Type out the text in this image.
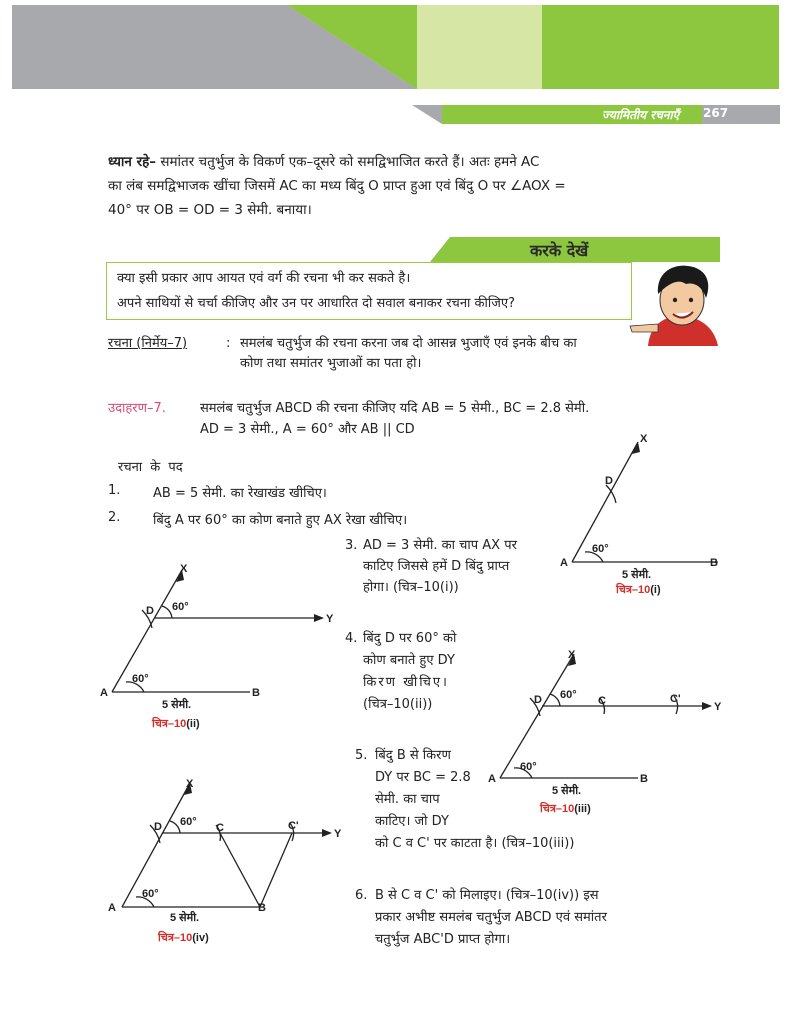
ज्यामितीय रचनाएँ 267
ध्यान रहे– समांतर चतुर्भुज के विकर्ण एक–दूसरे को समद्विभाजित करते हैं। अतः हमने AC
का लंब समद्विभाजक खींचा जिसमें AC का मध्य बिंदु O प्राप्त हुआ एवं बिंदु O पर ∠AOX =
40° पर OB = OD = 3 सेमी. बनाया।
करके देखें
क्या इसी प्रकार आप आयत एवं वर्ग की रचना भी कर सकते है।
अपने साथियों से चर्चा कीजिए और उन पर आधारित दो सवाल बनाकर रचना कीजिए?
रचना (निर्मेय–7)	: समलंब चतुर्भुज की रचना करना जब दो आसन्न भुजाएँ एवं इनके बीच का
कोण तथा समांतर भुजाओं का पता हो।
उदाहरण–7.	समलंब चतुर्भुज ABCD की रचना कीजिए यदि AB = 5 सेमी., BC = 2.8 सेमी.
AD = 3 सेमी., A = 60° और AB || CD
रचना के पद
1.	AB = 5 सेमी. का रेखाखंड खीचिए।
2.	बिंदु A पर 60° का कोण बनाते हुए AX रेखा खीचिए।
3. AD = 3 सेमी. का चाप AX पर
काटिए जिससे हमें D बिंदु प्राप्त
होगा। (चित्र–10(i))
4. बिंदु D पर 60° को
कोण बनाते हुए DY
किरण खीचिए।
(चित्र–10(ii))
5. बिंदु B से किरण
DY पर BC = 2.8
सेमी. का चाप
काटिए। जो DY
को C व C' पर काटता है। (चित्र–10(iii))
6. B से C व C' को मिलाइए। (चित्र–10(iv)) इस
प्रकार अभीष्ट समलंब चतुर्भुज ABCD एवं समांतर
चतुर्भुज ABC'D प्राप्त होगा।
A	B
D
X
60°
5 सेमी.
चित्र–10(i)
A	B
D
X
Y
60°
60°
5 सेमी.
चित्र–10(ii)
A	B
D
X
Y
C	C'
60°
60°
5 सेमी.
चित्र–10(iii)
A	B
D
X
Y
C	C'
60°
60°
5 सेमी.
चित्र–10(iv)
